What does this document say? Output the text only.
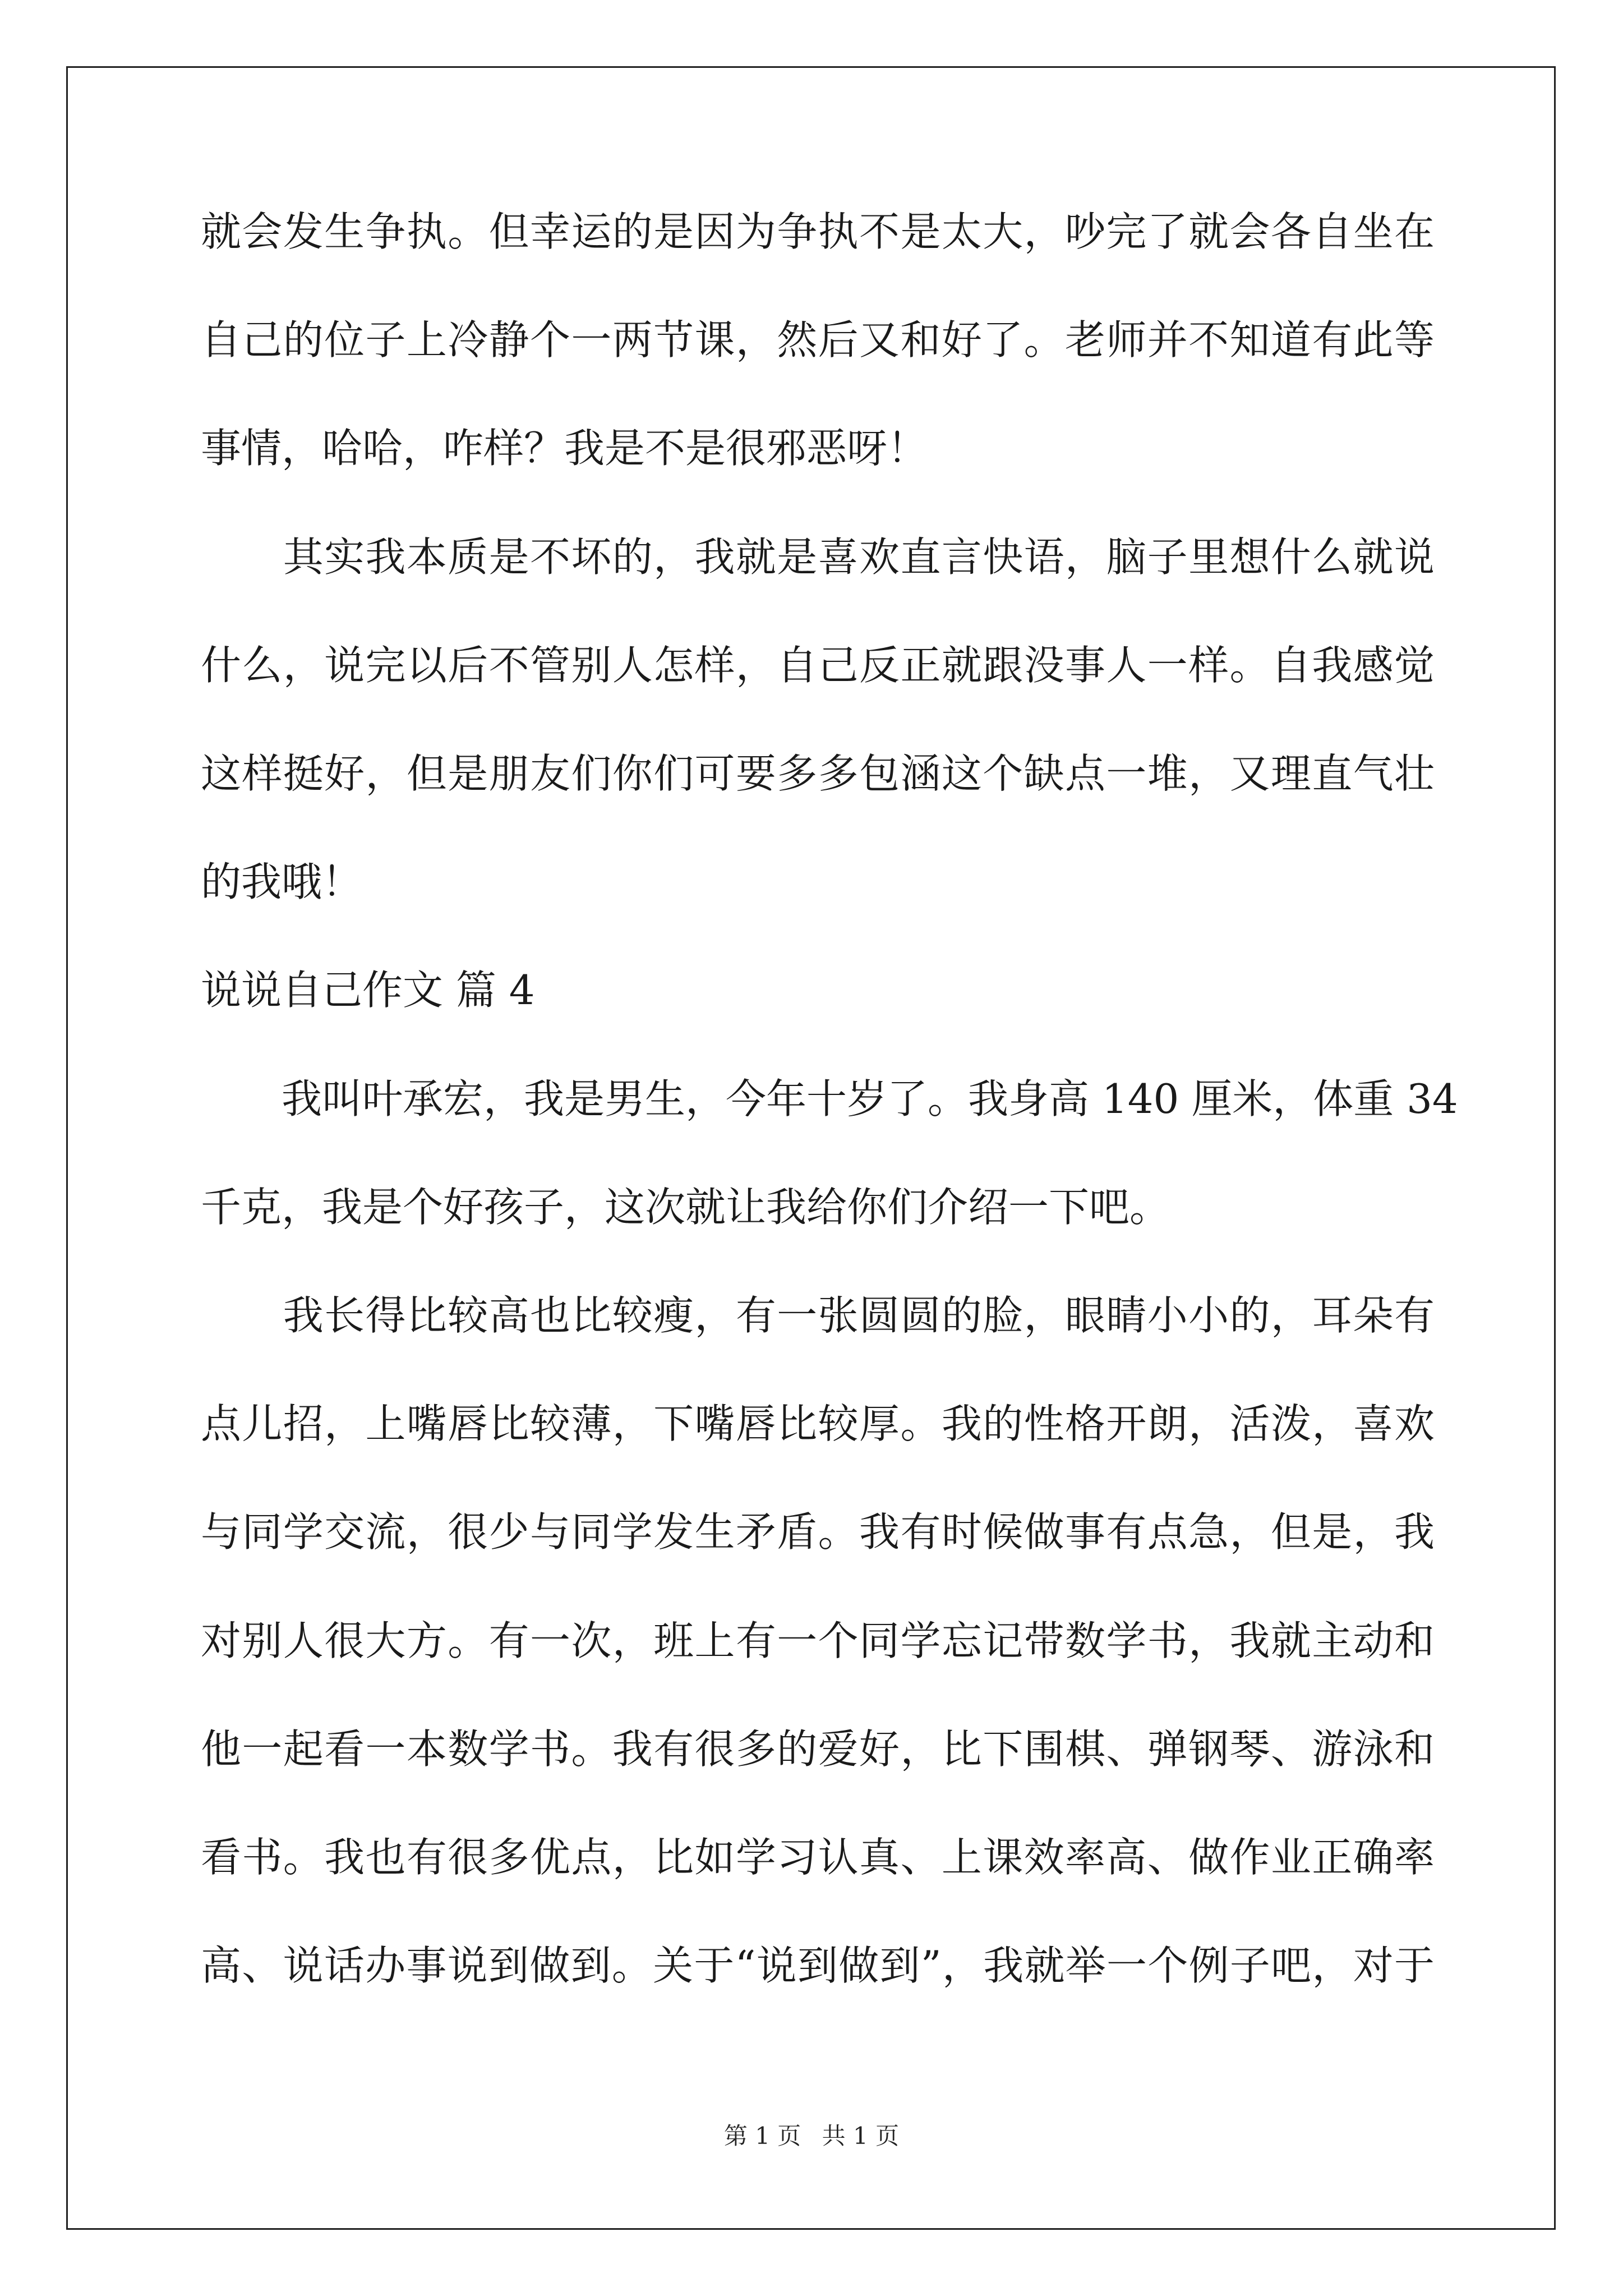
就会发生争执。但幸运的是因为争执不是太大，吵完了就会各自坐在
自己的位子上冷静个一两节课，然后又和好了。老师并不知道有此等
事情，哈哈，咋样？我是不是很邪恶呀！
　　其实我本质是不坏的，我就是喜欢直言快语，脑子里想什么就说
什么，说完以后不管别人怎样，自己反正就跟没事人一样。自我感觉
这样挺好，但是朋友们你们可要多多包涵这个缺点一堆，又理直气壮
的我哦！
说说自己作文 篇 4
　　我叫叶承宏，我是男生，今年十岁了。我身高 140 厘米，体重 34
千克，我是个好孩子，这次就让我给你们介绍一下吧。
　　我长得比较高也比较瘦，有一张圆圆的脸，眼睛小小的，耳朵有
点儿招，上嘴唇比较薄，下嘴唇比较厚。我的性格开朗，活泼，喜欢
与同学交流，很少与同学发生矛盾。我有时候做事有点急，但是，我
对别人很大方。有一次，班上有一个同学忘记带数学书，我就主动和
他一起看一本数学书。我有很多的爱好，比下围棋、弹钢琴、游泳和
看书。我也有很多优点，比如学习认真、上课效率高、做作业正确率
高、说话办事说到做到。关于“说到做到”，我就举一个例子吧，对于
第 1 页 共 1 页
